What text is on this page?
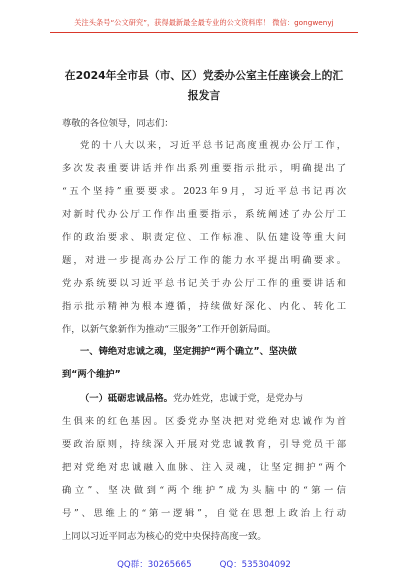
关注头条号“公文研究”，获得最新最全最专业的公文资料库！ 微信：gongwenyj
在2024年全市县（市、区）党委办公室主任座谈会上的汇
报发言
尊敬的各位领导，同志们：
党的十八大以来，习近平总书记高度重视办公厅工作，
多次发表重要讲话并作出系列重要指示批示，明确提出了
“五个坚持”重要要求。2023年9月，习近平总书记再次
对新时代办公厅工作作出重要指示，系统阐述了办公厅工
作的政治要求、职责定位、工作标准、队伍建设等重大问
题，对进一步提高办公厅工作的能力水平提出明确要求。
党办系统要以习近平总书记关于办公厅工作的重要讲话和
指示批示精神为根本遵循，持续做好深化、内化、转化工
作，以新气象新作为推动“三服务”工作开创新局面。
一、铸绝对忠诚之魂，坚定拥护“两个确立”、坚决做
到“两个维护”
（一）砥砺忠诚品格。党办姓党，忠诚于党，是党办与
生俱来的红色基因。区委党办坚决把对党绝对忠诚作为首
要政治原则，持续深入开展对党忠诚教育，引导党员干部
把对党绝对忠诚融入血脉、注入灵魂，让坚定拥护“两个
确立”、坚决做到“两个维护”成为头脑中的“第一信
号”、思维上的“第一逻辑”，自觉在思想上政治上行动
上同以习近平同志为核心的党中央保持高度一致。
QQ群：30265665	QQ：535304092
